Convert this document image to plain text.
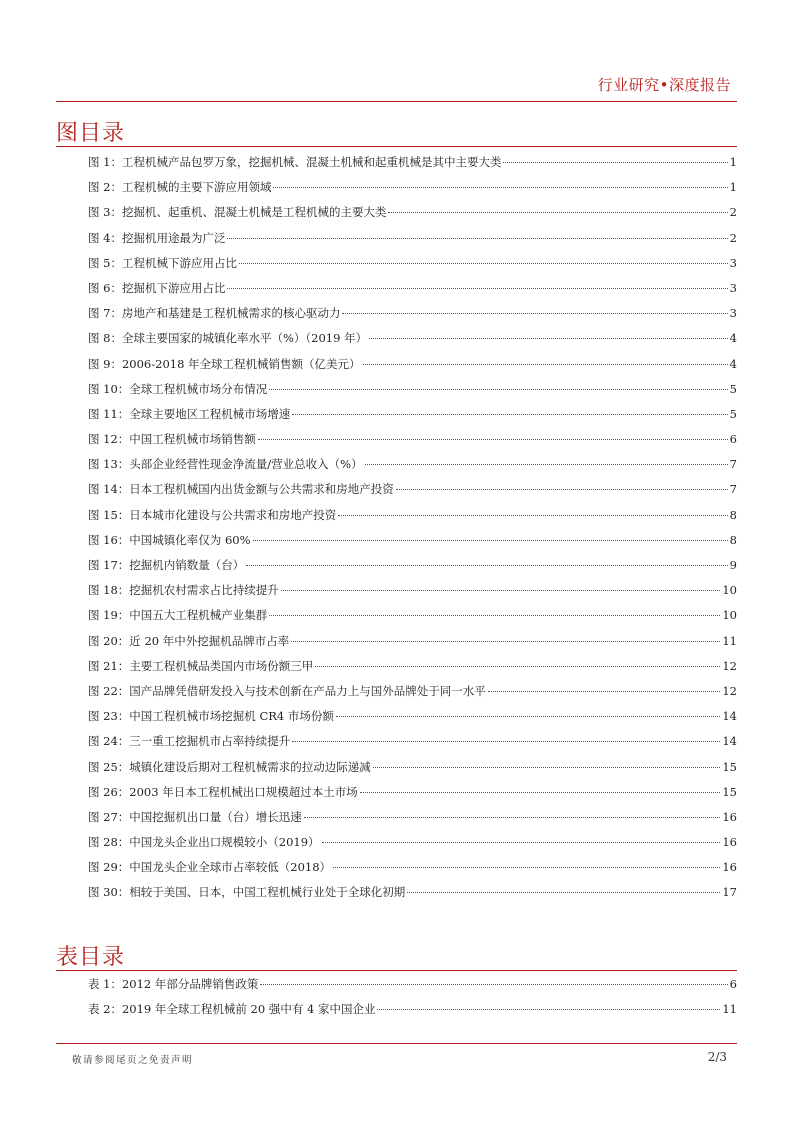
行业研究•深度报告
图目录
图 1：工程机械产品包罗万象，挖掘机械、混凝土机械和起重机械是其中主要大类	1
图 2：工程机械的主要下游应用领域	1
图 3：挖掘机、起重机、混凝土机械是工程机械的主要大类	2
图 4：挖掘机用途最为广泛	2
图 5：工程机械下游应用占比	3
图 6：挖掘机下游应用占比	3
图 7：房地产和基建是工程机械需求的核心驱动力	3
图 8：全球主要国家的城镇化率水平（%）（2019 年）	4
图 9：2006-2018 年全球工程机械销售额（亿美元）	4
图 10：全球工程机械市场分布情况	5
图 11：全球主要地区工程机械市场增速	5
图 12：中国工程机械市场销售额	6
图 13：头部企业经营性现金净流量/营业总收入（%）	7
图 14：日本工程机械国内出货金额与公共需求和房地产投资	7
图 15：日本城市化建设与公共需求和房地产投资	8
图 16：中国城镇化率仅为 60%	8
图 17：挖掘机内销数量（台）	9
图 18：挖掘机农村需求占比持续提升	10
图 19：中国五大工程机械产业集群	10
图 20：近 20 年中外挖掘机品牌市占率	11
图 21：主要工程机械品类国内市场份额三甲	12
图 22：国产品牌凭借研发投入与技术创新在产品力上与国外品牌处于同一水平	12
图 23：中国工程机械市场挖掘机 CR4 市场份额	14
图 24：三一重工挖掘机市占率持续提升	14
图 25：城镇化建设后期对工程机械需求的拉动边际递减	15
图 26：2003 年日本工程机械出口规模超过本土市场	15
图 27：中国挖掘机出口量（台）增长迅速	16
图 28：中国龙头企业出口规模较小（2019）	16
图 29：中国龙头企业全球市占率较低（2018）	16
图 30：相较于美国、日本，中国工程机械行业处于全球化初期	17
表目录
表 1：2012 年部分品牌销售政策	6
表 2：2019 年全球工程机械前 20 强中有 4 家中国企业	11
敬请参阅尾页之免责声明	2/3
